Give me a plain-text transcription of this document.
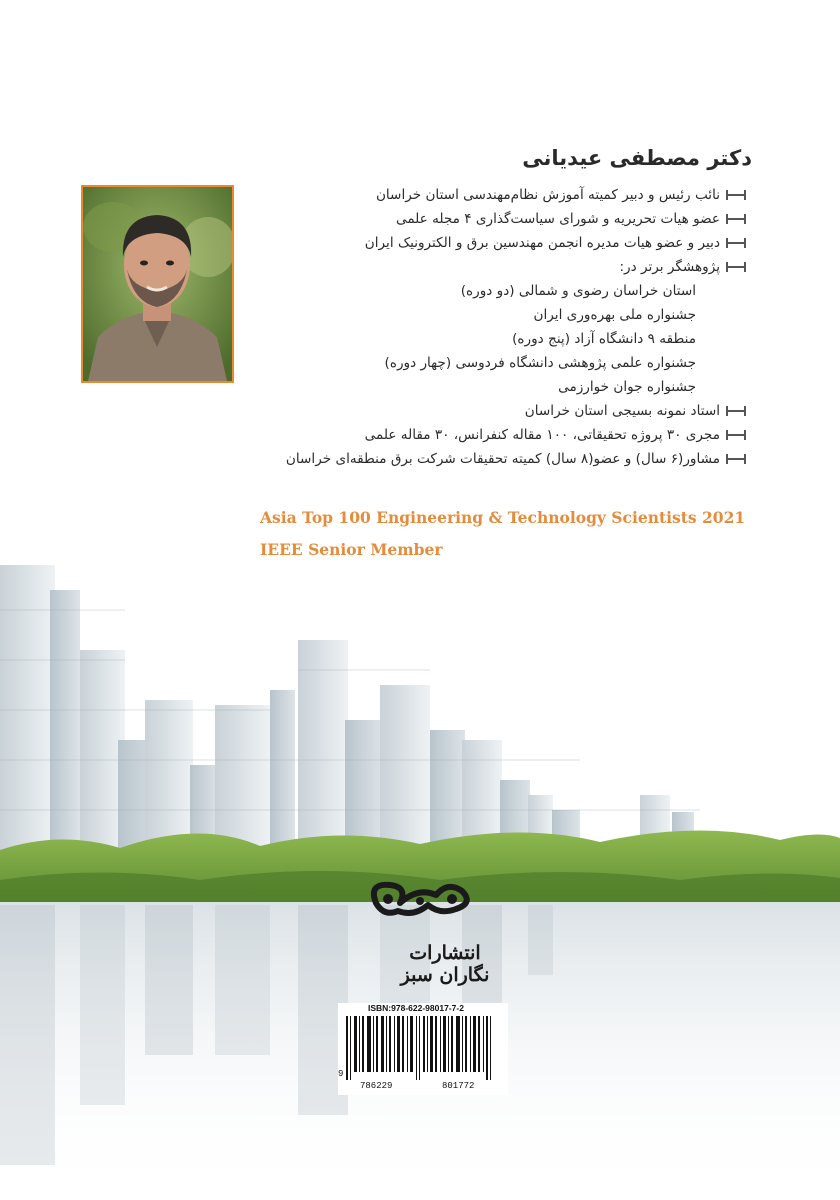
دکتر مصطفی عیدیانی
نائب رئیس و دبیر کمیته آموزش نظام‌مهندسی استان خراسان
عضو هیات تحریریه و شورای سیاست‌گذاری ۴ مجله علمی
دبیر و عضو هیات مدیره انجمن مهندسین برق و الکترونیک ایران
پژوهشگر برتر در:
استان خراسان رضوی و شمالی (دو دوره)
جشنواره ملی بهره‌وری ایران
منطقه ۹ دانشگاه آزاد (پنج دوره)
جشنواره علمی پژوهشی دانشگاه فردوسی (چهار دوره)
جشنواره جوان خوارزمی
استاد نمونه بسیجی استان خراسان
مجری ۳۰ پروژه تحقیقاتی، ۱۰۰ مقاله کنفرانس، ۳۰ مقاله علمی
مشاور(۶ سال) و عضو(۸ سال) کمیته تحقیقات شرکت برق منطقه‌ای خراسان

Asia Top 100 Engineering & Technology Scientists 2021

IEEE Senior Member

انتشارات نگاران سبز
ISBN:978-622-98017-7-2
9
786229	801772
